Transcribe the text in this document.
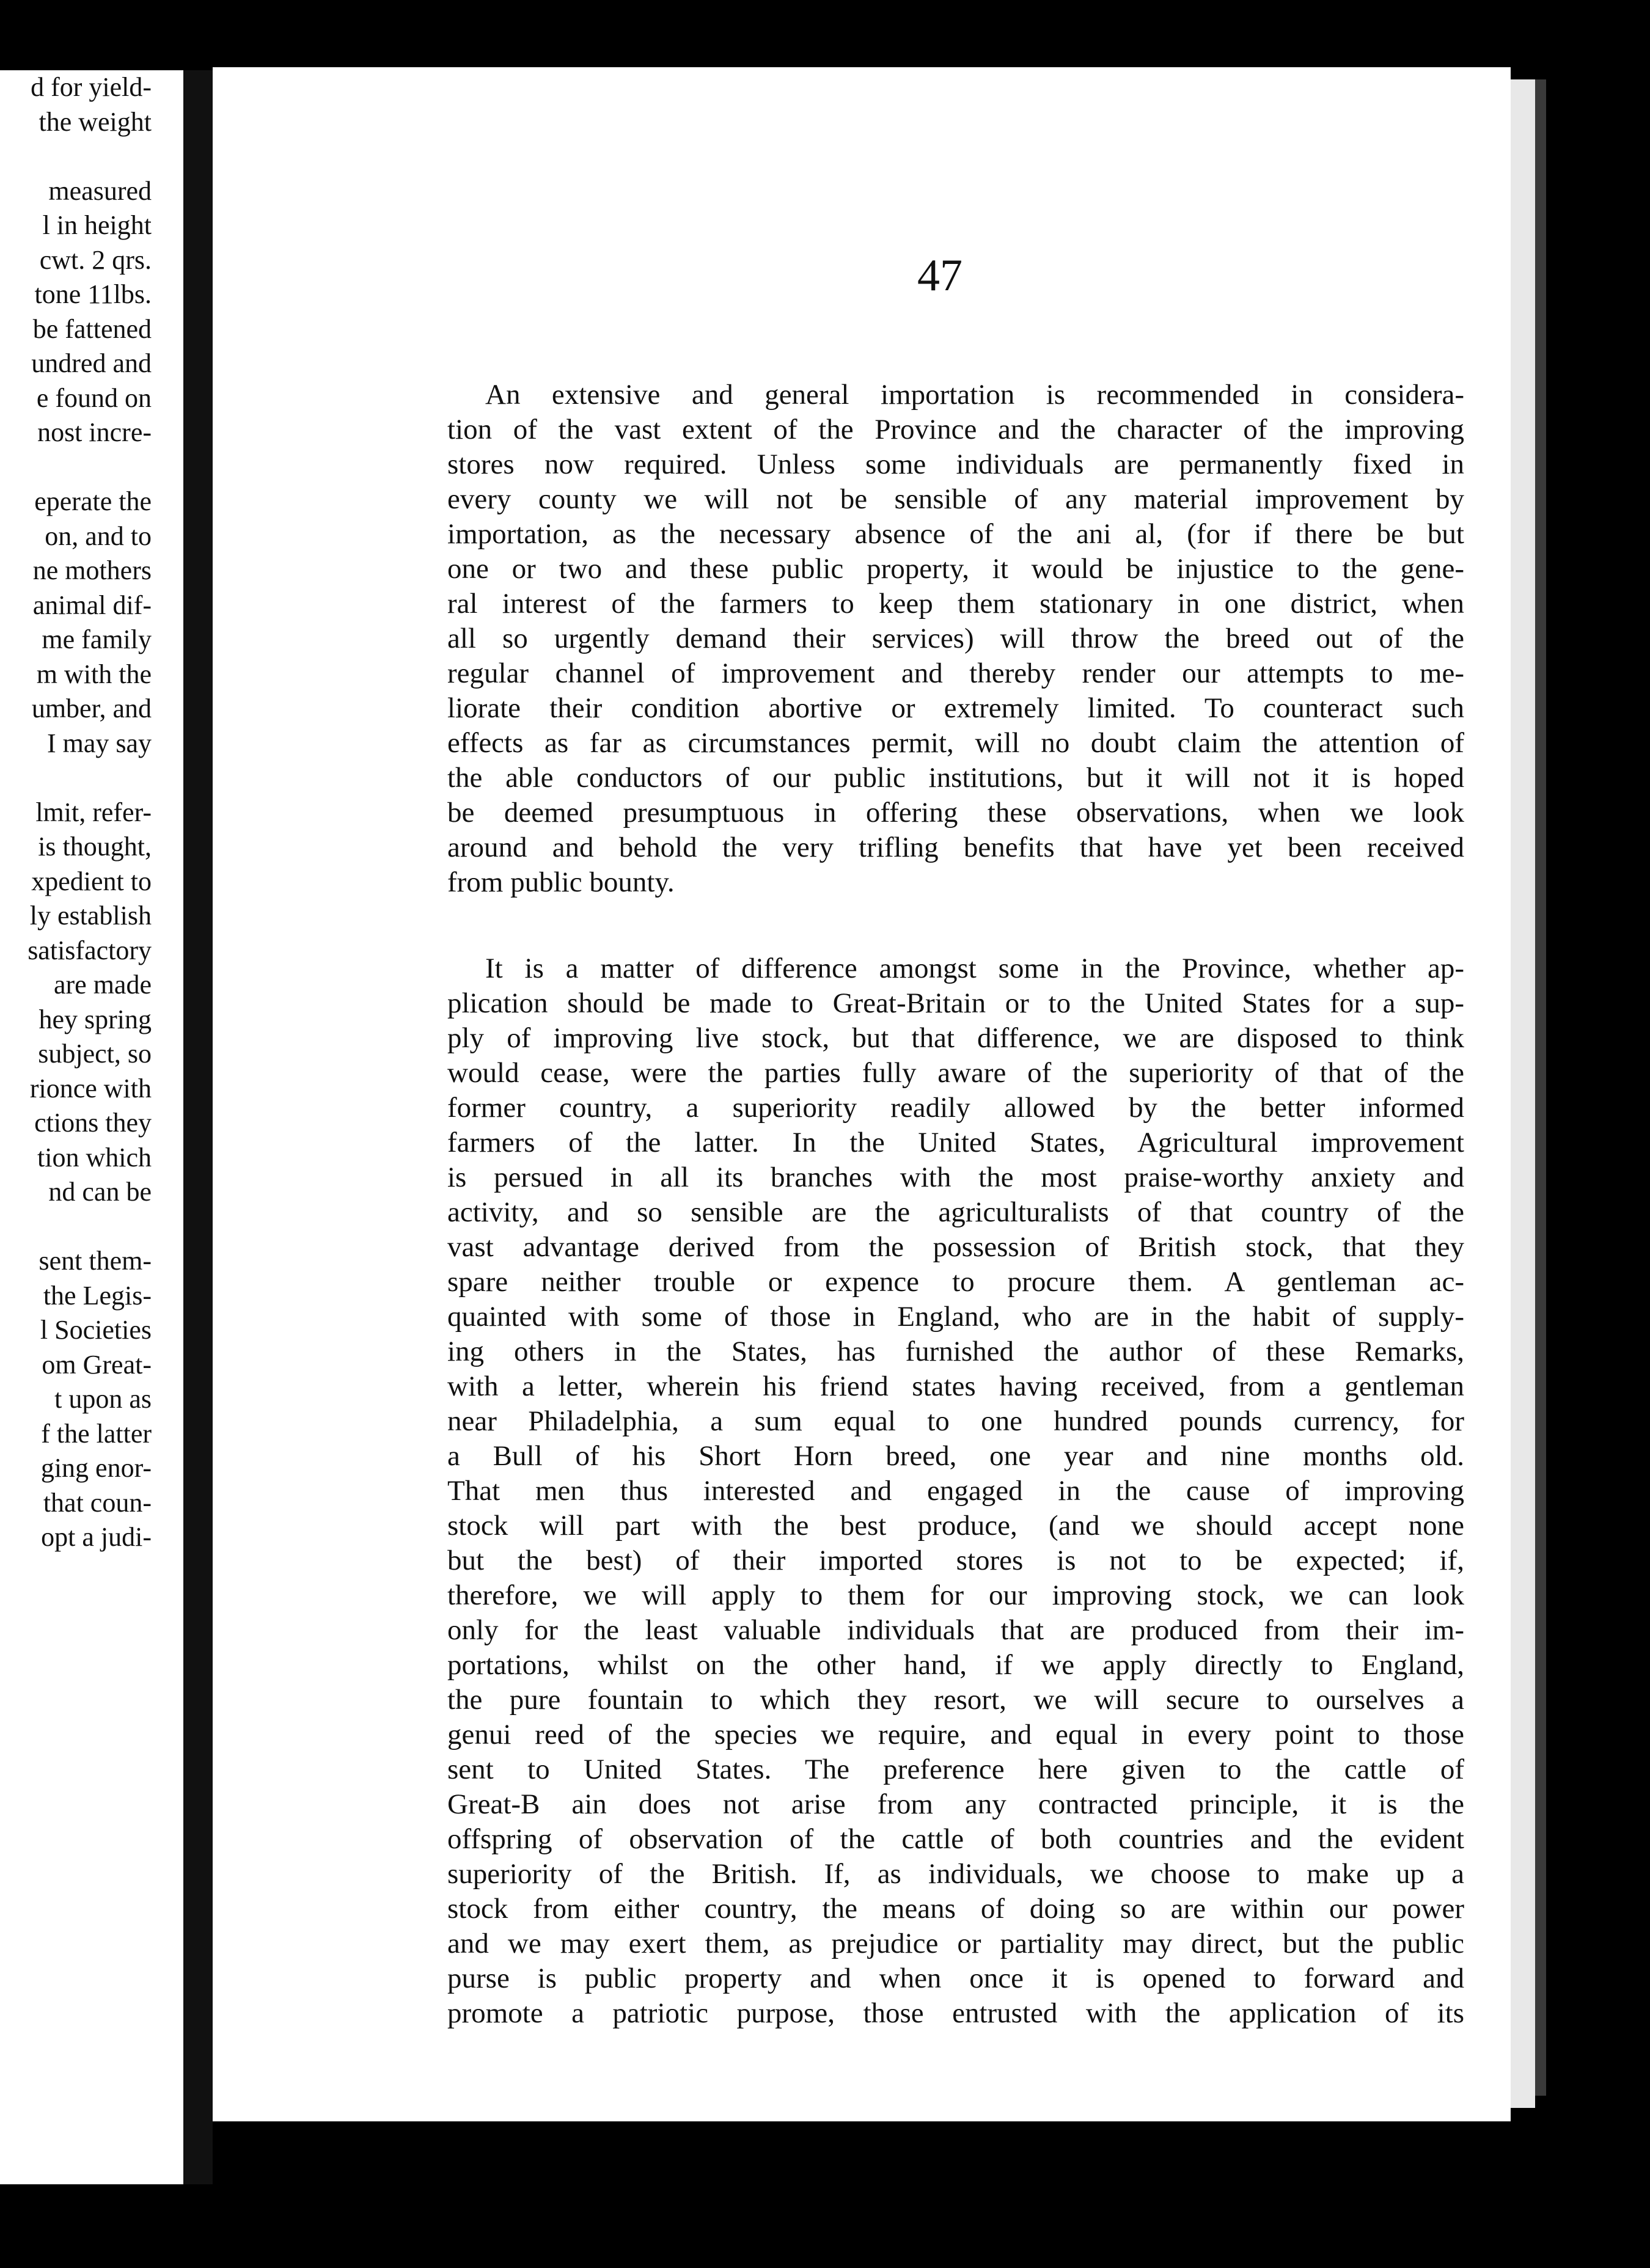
d for yield-
the weight
measured
l in height
cwt. 2 qrs.
tone 11lbs.
be fattened
undred and
e found on
nost incre-
eperate the
on, and to
ne mothers
animal dif-
me family
m with the
umber, and
I may say
lmit, refer-
is thought,
xpedient to
ly establish
satisfactory
are made
hey spring
subject, so
rionce with
ctions they
tion which
nd can be
sent them-
the Legis-
l Societies
om Great-
t upon as
f the latter
ging enor-
that coun-
opt a judi-
47

An extensive and general importation is recommended in considera-

tion of the vast extent of the Province and the character of the improving

stores now required. Unless some individuals are permanently fixed in

every county we will not be sensible of any material improvement by

importation, as the necessary absence of the ani al, (for if there be but

one or two and these public property, it would be injustice to the gene-

ral interest of the farmers to keep them stationary in one district, when

all so urgently demand their services) will throw the breed out of the

regular channel of improvement and thereby render our attempts to me-

liorate their condition abortive or extremely limited. To counteract such

effects as far as circumstances permit, will no doubt claim the attention of

the able conductors of our public institutions, but it will not it is hoped

be deemed presumptuous in offering these observations, when we look

around and behold the very trifling benefits that have yet been received

from public bounty.

It is a matter of difference amongst some in the Province, whether ap-

plication should be made to Great-Britain or to the United States for a sup-

ply of improving live stock, but that difference, we are disposed to think

would cease, were the parties fully aware of the superiority of that of the

former country, a superiority readily allowed by the better informed

farmers of the latter. In the United States, Agricultural improvement

is persued in all its branches with the most praise-worthy anxiety and

activity, and so sensible are the agriculturalists of that country of the

vast advantage derived from the possession of British stock, that they

spare neither trouble or expence to procure them. A gentleman ac-

quainted with some of those in England, who are in the habit of supply-

ing others in the States, has furnished the author of these Remarks,

with a letter, wherein his friend states having received, from a gentleman

near Philadelphia, a sum equal to one hundred pounds currency, for

a Bull of his Short Horn breed, one year and nine months old.

That men thus interested and engaged in the cause of improving

stock will part with the best produce, (and we should accept none

but the best) of their imported stores is not to be expected; if,

therefore, we will apply to them for our improving stock, we can look

only for the least valuable individuals that are produced from their im-

portations, whilst on the other hand, if we apply directly to England,

the pure fountain to which they resort, we will secure to ourselves a

genui reed of the species we require, and equal in every point to those

sent to United States. The preference here given to the cattle of

Great-B ain does not arise from any contracted principle, it is the

offspring of observation of the cattle of both countries and the evident

superiority of the British. If, as individuals, we choose to make up a

stock from either country, the means of doing so are within our power

and we may exert them, as prejudice or partiality may direct, but the public

purse is public property and when once it is opened to forward and

promote a patriotic purpose, those entrusted with the application of its
